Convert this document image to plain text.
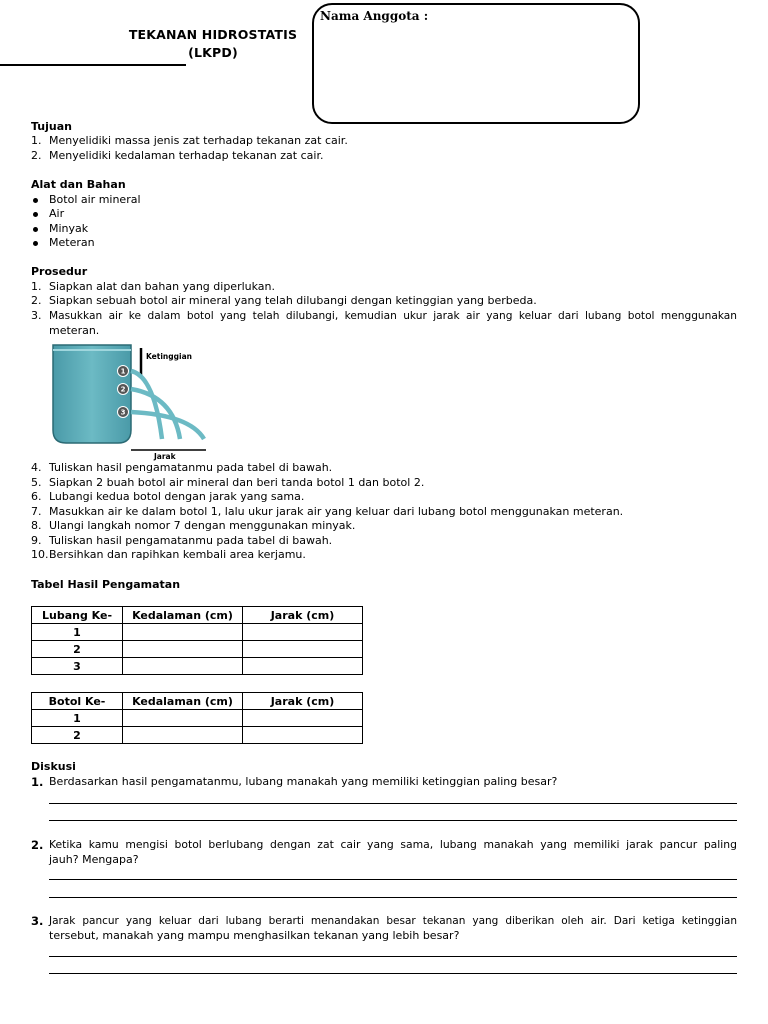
TEKANAN HIDROSTATIS
(LKPD)
Nama Anggota :
Tujuan
1. Menyelidiki massa jenis zat terhadap tekanan zat cair.
2. Menyelidiki kedalaman terhadap tekanan zat cair.
Alat dan Bahan
Botol air mineral
Air
Minyak
Meteran
Prosedur
1. Siapkan alat dan bahan yang diperlukan.
2. Siapkan sebuah botol air mineral yang telah dilubangi dengan ketinggian yang berbeda.
3. Masukkan air ke dalam botol yang telah dilubangi, kemudian ukur jarak air yang keluar dari lubang botol menggunakan
meteran.
Ketinggian
1
2
3
Jarak
4. Tuliskan hasil pengamatanmu pada tabel di bawah.
5. Siapkan 2 buah botol air mineral dan beri tanda botol 1 dan botol 2.
6. Lubangi kedua botol dengan jarak yang sama.
7. Masukkan air ke dalam botol 1, lalu ukur jarak air yang keluar dari lubang botol menggunakan meteran.
8. Ulangi langkah nomor 7 dengan menggunakan minyak.
9. Tuliskan hasil pengamatanmu pada tabel di bawah.
10. Bersihkan dan rapihkan kembali area kerjamu.
Tabel Hasil Pengamatan
Lubang Ke-	Kedalaman (cm)	Jarak (cm)
1		
2		
3		
Botol Ke-	Kedalaman (cm)	Jarak (cm)
1		
2		
Diskusi
1. Berdasarkan hasil pengamatanmu, lubang manakah yang memiliki ketinggian paling besar?
2. Ketika kamu mengisi botol berlubang dengan zat cair yang sama, lubang manakah yang memiliki jarak pancur paling
jauh? Mengapa?
3. Jarak pancur yang keluar dari lubang berarti menandakan besar tekanan yang diberikan oleh air. Dari ketiga ketinggian
tersebut, manakah yang mampu menghasilkan tekanan yang lebih besar?
